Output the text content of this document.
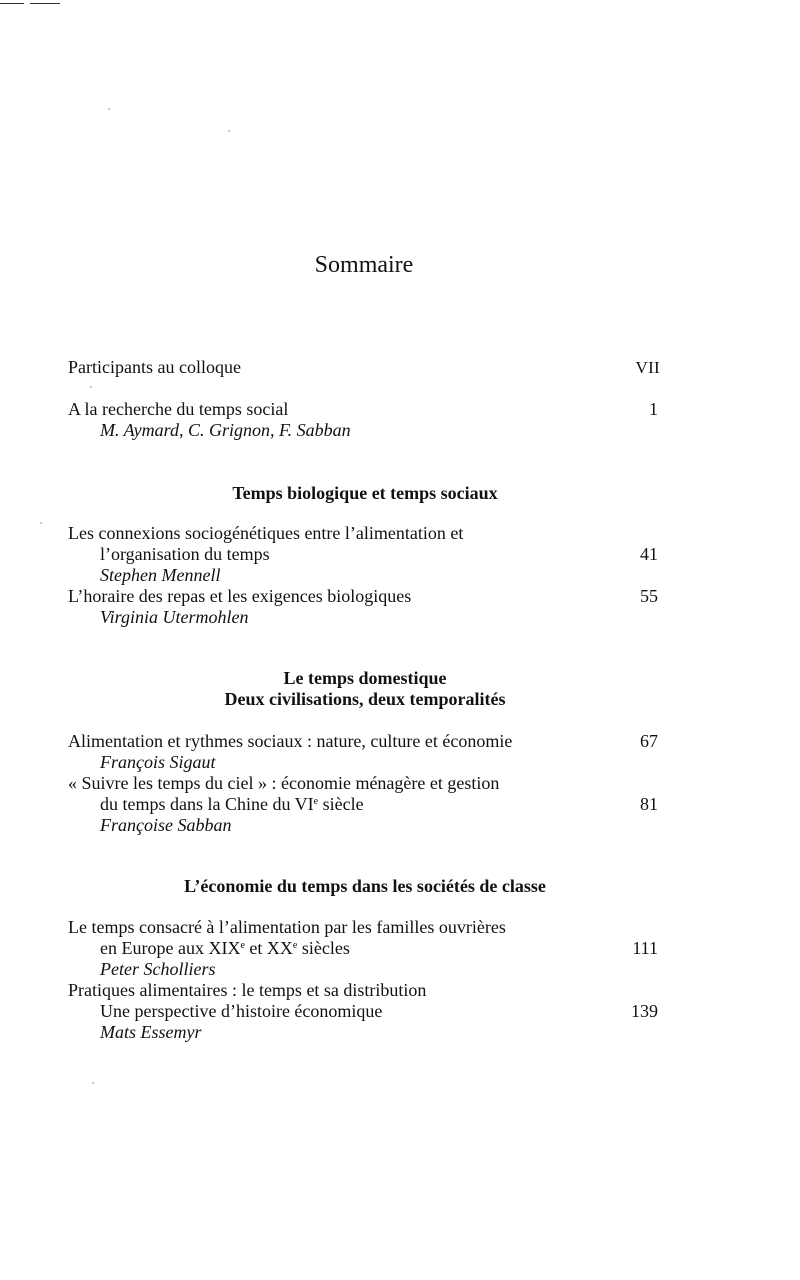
Sommaire
Participants au colloque	VII
A la recherche du temps social	1
M. Aymard, C. Grignon, F. Sabban
Temps biologique et temps sociaux
Les connexions sociogénétiques entre l’alimentation et
l’organisation du temps	41
Stephen Mennell
L’horaire des repas et les exigences biologiques	55
Virginia Utermohlen
Le temps domestique
Deux civilisations, deux temporalités
Alimentation et rythmes sociaux : nature, culture et économie	67
François Sigaut
« Suivre les temps du ciel » : économie ménagère et gestion
du temps dans la Chine du VIe siècle	81
Françoise Sabban
L’économie du temps dans les sociétés de classe
Le temps consacré à l’alimentation par les familles ouvrières
en Europe aux XIXe et XXe siècles	111
Peter Scholliers
Pratiques alimentaires : le temps et sa distribution
Une perspective d’histoire économique	139
Mats Essemyr
